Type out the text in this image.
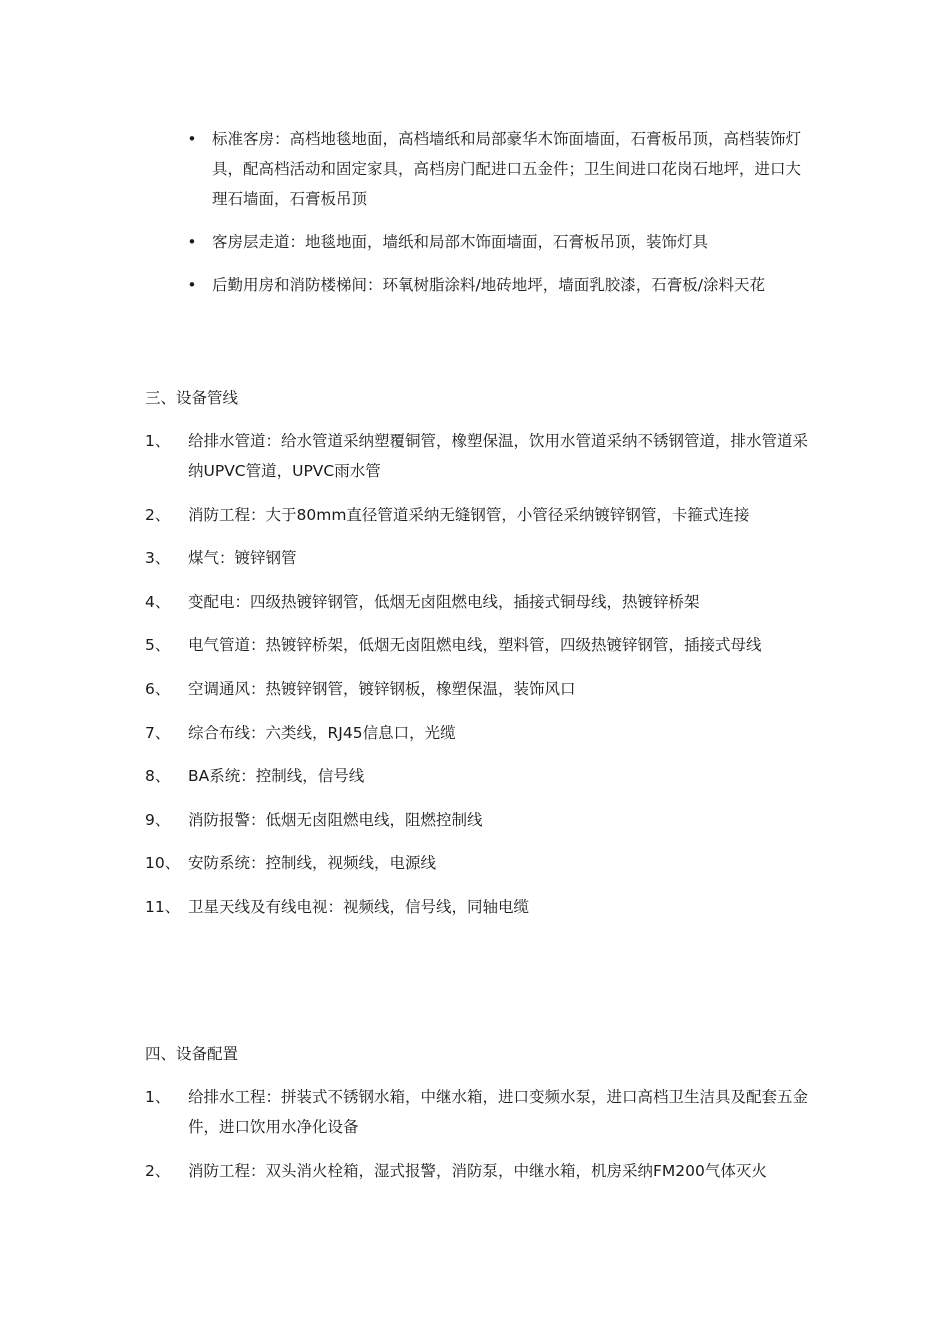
• 标准客房：高档地毯地面，高档墙纸和局部豪华木饰面墙面，石膏板吊顶，高档装饰灯具，配高档活动和固定家具，高档房门配进口五金件；卫生间进口花岗石地坪，进口大理石墙面，石膏板吊顶
• 客房层走道：地毯地面，墙纸和局部木饰面墙面，石膏板吊顶，装饰灯具
• 后勤用房和消防楼梯间：环氧树脂涂料/地砖地坪，墙面乳胶漆，石膏板/涂料天花
三、设备管线
1、 给排水管道：给水管道采纳塑覆铜管，橡塑保温，饮用水管道采纳不锈钢管道，排水管道采纳UPVC管道，UPVC雨水管
2、 消防工程：大于80mm直径管道采纳无缝钢管，小管径采纳镀锌钢管，卡箍式连接
3、 煤气：镀锌钢管
4、 变配电：四级热镀锌钢管，低烟无卤阻燃电线，插接式铜母线，热镀锌桥架
5、 电气管道：热镀锌桥架，低烟无卤阻燃电线，塑料管，四级热镀锌钢管，插接式母线
6、 空调通风：热镀锌钢管，镀锌钢板，橡塑保温，装饰风口
7、 综合布线：六类线，RJ45信息口，光缆
8、 BA系统：控制线，信号线
9、 消防报警：低烟无卤阻燃电线，阻燃控制线
10、 安防系统：控制线，视频线，电源线
11、 卫星天线及有线电视：视频线，信号线，同轴电缆
四、设备配置
1、 给排水工程：拼装式不锈钢水箱，中继水箱，进口变频水泵，进口高档卫生洁具及配套五金件，进口饮用水净化设备
2、 消防工程：双头消火栓箱，湿式报警，消防泵，中继水箱，机房采纳FM200气体灭火
